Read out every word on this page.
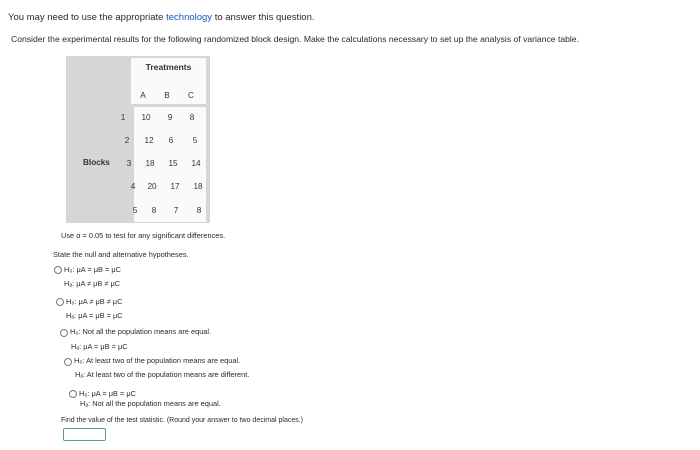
You may need to use the appropriate technology to answer this question.
Consider the experimental results for the following randomized block design. Make the calculations necessary to set up the analysis of variance table.
Treatments
Blocks
A	B	C
1	10	9	8
2	12	6	5
3	18	15	14
4	20	17	18
5	8	7	8
Use α = 0.05 to test for any significant differences.
State the null and alternative hypotheses.
H₀: μA = μB = μC
Hₐ: μA ≠ μB ≠ μC
H₀: μA ≠ μB ≠ μC
Hₐ: μA = μB = μC
H₀: Not all the population means are equal.
Hₐ: μA = μB = μC
H₀: At least two of the population means are equal.
Hₐ: At least two of the population means are different.
H₀: μA = μB = μC
Hₐ: Not all the population means are equal.
Find the value of the test statistic. (Round your answer to two decimal places.)
